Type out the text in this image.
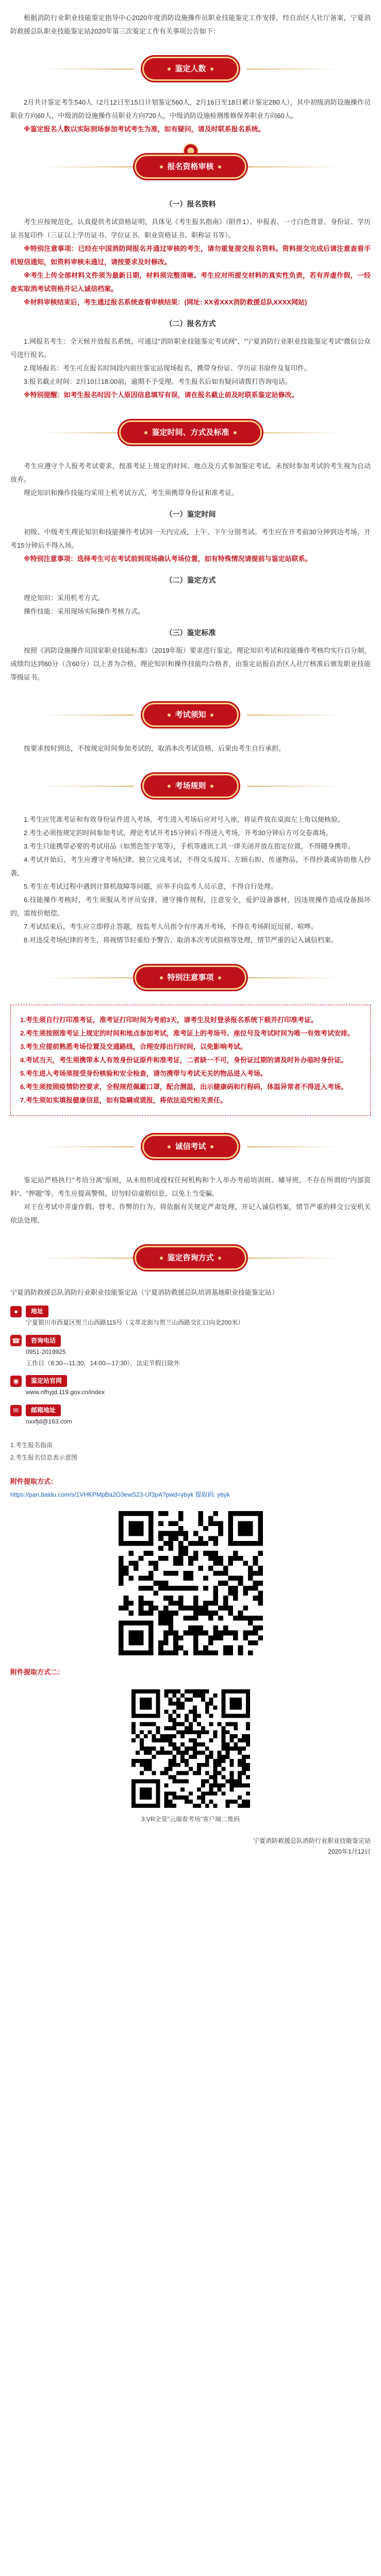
根据消防行业职业技能鉴定指导中心2020年度消防设施操作员职业技能鉴定工作安排，经自治区人社厅备案，宁夏消防救援总队职业技能鉴定站2020年第三次鉴定工作有关事项公告如下：

鉴定人数

2月共计鉴定考生540人（2月12日至15日计划鉴定560人，2月16日至18日累计鉴定280人），其中初级消防设施操作员职业方向60人，中级消防设施操作员职业方向720人，中级消防设施检测维修保养职业方向60人。

※鉴定报名人数以实际到场参加考试考生为准，如有疑问，请及时联系报名系统。

报名资格审核
（一）报名资料

考生应按规范化，认真提供考试资格证明，具体见《考生报名指南》（附件1）、申报表、一寸白色背景、身份证、学历证书复印件（三证以上学历证书、学位证书、职业资格证书、职称证书等）。

※特别注意事项：已经在中国消防网报名并通过审核的考生，请勿重复提交报名资料。资料提交完成后请注意查看手机短信通知，如资料审核未通过，请按要求及时修改。

※考生上传全部材料文件须为最新日期，材料须完整清晰。考生应对所提交材料的真实性负责，若有弄虚作假，一经查实取消考试资格并记入诚信档案。

※材料审核结束后，考生通过报名系统查看审核结果：(网址: XX省XXX消防救援总队XXXX网站)

（二）报名方式

1.网报名考生：全天候开放报名系统，可通过"消防职业技能鉴定考试网"、"宁夏消防行业职业技能鉴定考试"微信公众号进行报名。

2.现场报名：考生可在报名时间段内前往鉴定站现场报名，携带身份证、学历证书原件及复印件。

3.报名截止时间：2月10日18:00前，逾期不予受理。考生报名后如有疑问请拨打咨询电话。

※特别提醒：如考生报名时因个人原因信息填写有误，请在报名截止前及时联系鉴定站修改。

鉴定时间、方式及标准

考生应遵守个人报考考试要求，按准考证上规定的时间、地点及方式参加鉴定考试。未按时参加考试的考生视为自动放弃。

理论知识和操作技能均采用上机考试方式，考生须携带身份证和准考证。

（一）鉴定时间

初级、中级考生理论知识和技能操作考试同一天内完成，上午、下午分别考试。考生应在开考前30分钟到达考场，开考15分钟后不得入场。

※特别注意事项：选择考生可在考试前到现场确认考场位置，如有特殊情况请提前与鉴定站联系。

（二）鉴定方式

理论知识：采用机考方式。

操作技能：采用现场实际操作考核方式。

（三）鉴定标准

按照《消防设施操作员国家职业技能标准》（2019年版）要求进行鉴定。理论知识考试和技能操作考核均实行百分制，成绩均达到60分（含60分）以上者为合格。理论知识和操作技能均合格者，由鉴定站报自治区人社厅核准后颁发职业技能等级证书。

考试须知

按要求按时到达，不按规定时间参加考试的，取消本次考试资格，后果由考生自行承担。

考场规则

1.考生应凭准考证和有效身份证件进入考场，考生进入考场后应对号入座，将证件放在桌面左上角以便核验。

2.考生必须按规定的时间参加考试，理论考试开考15分钟后不得进入考场，开考30分钟后方可交卷离场。

3.考生只能携带必要的考试用品（如黑色签字笔等），手机等通讯工具一律关闭并放在指定位置，不得随身携带。

4.考试开始后，考生应遵守考场纪律，独立完成考试，不得交头接耳、左顾右盼、传递物品，不得抄袭或协助他人抄袭。

5.考生在考试过程中遇到计算机故障等问题，应举手向监考人员示意，不得自行处理。

6.技能操作考核时，考生须服从考评员安排，遵守操作规程，注意安全，爱护设备器材，因违规操作造成设备损坏的，需按价赔偿。

7.考试结束后，考生应立即停止答题，按监考人员指令有序离开考场，不得在考场附近逗留、喧哗。

8.对违反考场纪律的考生，将视情节轻重给予警告、取消本次考试资格等处理，情节严重的记入诚信档案。

特别注意事项

1.考生须自行打印准考证，准考证打印时间为考前3天，请考生及时登录报名系统下载并打印准考证。

2.考生须按照准考证上规定的时间和地点参加考试，准考证上的考场号、座位号及考试时间为唯一有效考试安排。

3.考生应提前熟悉考场位置及交通路线，合理安排出行时间，以免影响考试。

4.考试当天，考生须携带本人有效身份证原件和准考证，二者缺一不可，身份证过期的请及时补办临时身份证。

5.考生进入考场须接受身份核验和安全检查，请勿携带与考试无关的物品进入考场。

6.考生须按照疫情防控要求，全程规范佩戴口罩，配合测温，出示健康码和行程码，体温异常者不得进入考场。

7.考生须如实填报健康信息，如有隐瞒或谎报，将依法追究相关责任。

诚信考试

鉴定站严格执行"考培分离"原则，从未组织或授权任何机构和个人举办考前培训班、辅导班，不存在所谓的"内部资料"、"押题"等。考生应提高警惕，切勿轻信虚假信息，以免上当受骗。

对于在考试中弄虚作假、替考、作弊的行为，将依据有关规定严肃处理，并记入诚信档案，情节严重的移交公安机关依法处理。

鉴定咨询方式

宁夏消防救援总队消防行业职业技能鉴定站（宁夏消防救援总队培训基地职业技能鉴定站）

●	地址
宁夏银川市西夏区贺兰山西路115号（文萃北街与贺兰山西路交汇口向北200米）
☎	咨询电话
0951-2019925
工作日（8:30—11:30，14:00—17:30），法定节假日除外
◉	鉴定站官网
www.nfhyjd.119.gov.cn/index
✉	邮箱地址
nxxfjd@163.com

1.考生报名指南

2.考生报名信息表示意图

附件提取方式：

https://pan.baidu.com/s/1VHKPMpBa2O3ewS23-Uf3pA?pwd=ybyk 提取码: ybyk

附件提取方式二：

3.VR全景"云端看考场"客户端二维码

宁夏消防救援总队消防行业职业技能鉴定站

2020年1月12日
